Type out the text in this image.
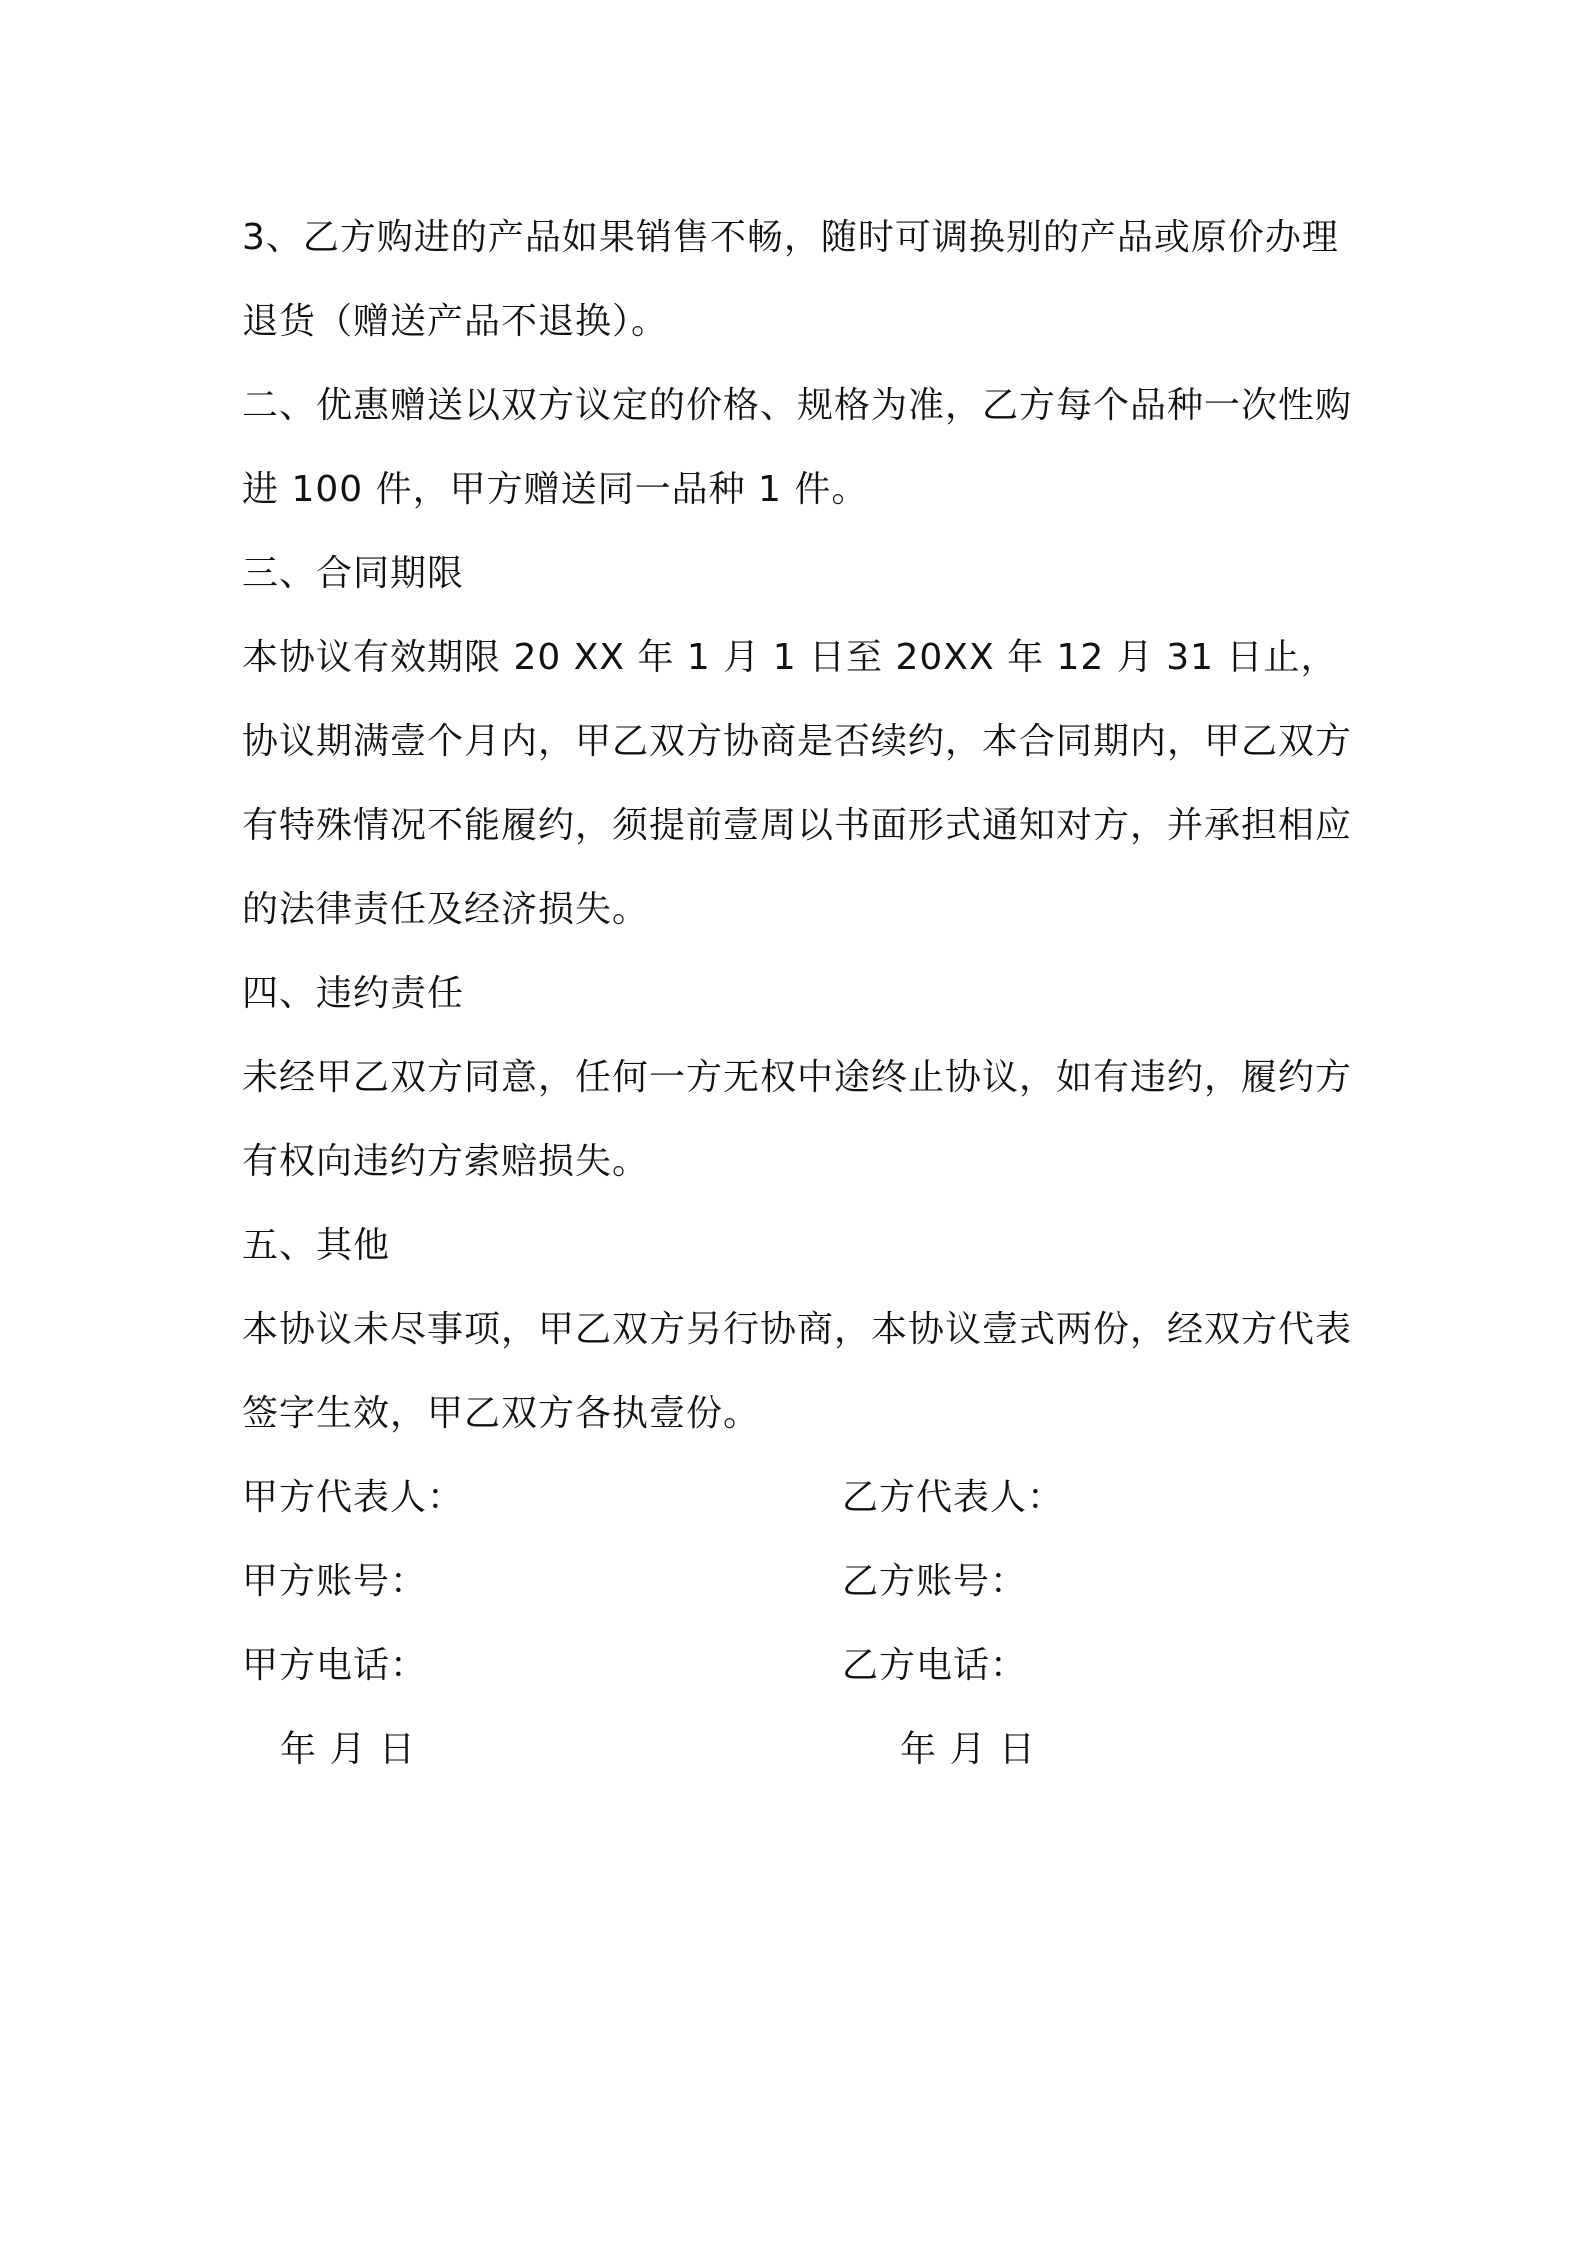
3、乙方购进的产品如果销售不畅，随时可调换别的产品或原价办理退货（赠送产品不退换）。

二、优惠赠送以双方议定的价格、规格为准，乙方每个品种一次性购进 100 件，甲方赠送同一品种 1 件。

三、合同期限

本协议有效期限 20 XX 年 1 月 1 日至 20XX 年 12 月 31 日止，协议期满壹个月内，甲乙双方协商是否续约，本合同期内，甲乙双方有特殊情况不能履约，须提前壹周以书面形式通知对方，并承担相应的法律责任及经济损失。

四、违约责任

未经甲乙双方同意，任何一方无权中途终止协议，如有违约，履约方有权向违约方索赔损失。

五、其他

本协议未尽事项，甲乙双方另行协商，本协议壹式两份，经双方代表签字生效，甲乙双方各执壹份。

甲方代表人：	乙方代表人：
甲方账号：	乙方账号：
甲方电话：	乙方电话：
年 月 日	年 月 日
